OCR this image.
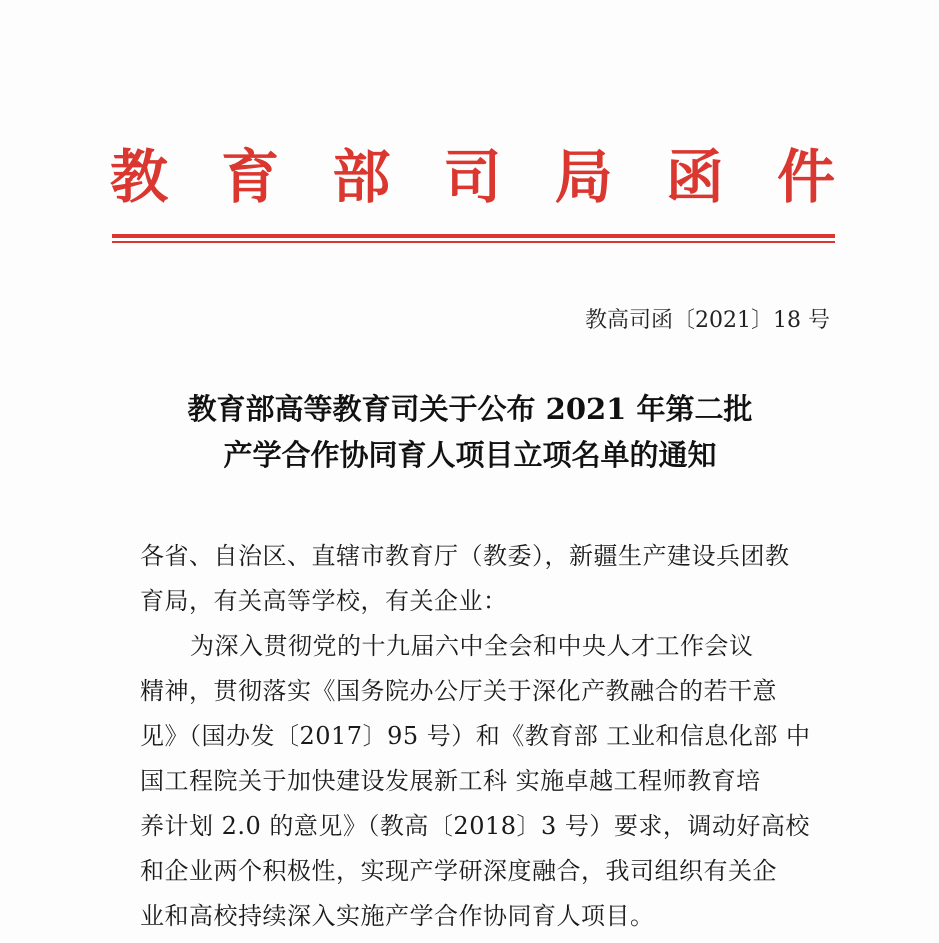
教 育 部 司 局 函 件
教高司函〔2021〕18 号
教育部高等教育司关于公布 2021 年第二批
产学合作协同育人项目立项名单的通知
各省、自治区、直辖市教育厅（教委），新疆生产建设兵团教
育局，有关高等学校，有关企业：
为深入贯彻党的十九届六中全会和中央人才工作会议
精神，贯彻落实《国务院办公厅关于深化产教融合的若干意
见》（国办发〔2017〕95 号）和《教育部 工业和信息化部 中
国工程院关于加快建设发展新工科 实施卓越工程师教育培
养计划 2.0 的意见》（教高〔2018〕3 号）要求，调动好高校
和企业两个积极性，实现产学研深度融合，我司组织有关企
业和高校持续深入实施产学合作协同育人项目。
